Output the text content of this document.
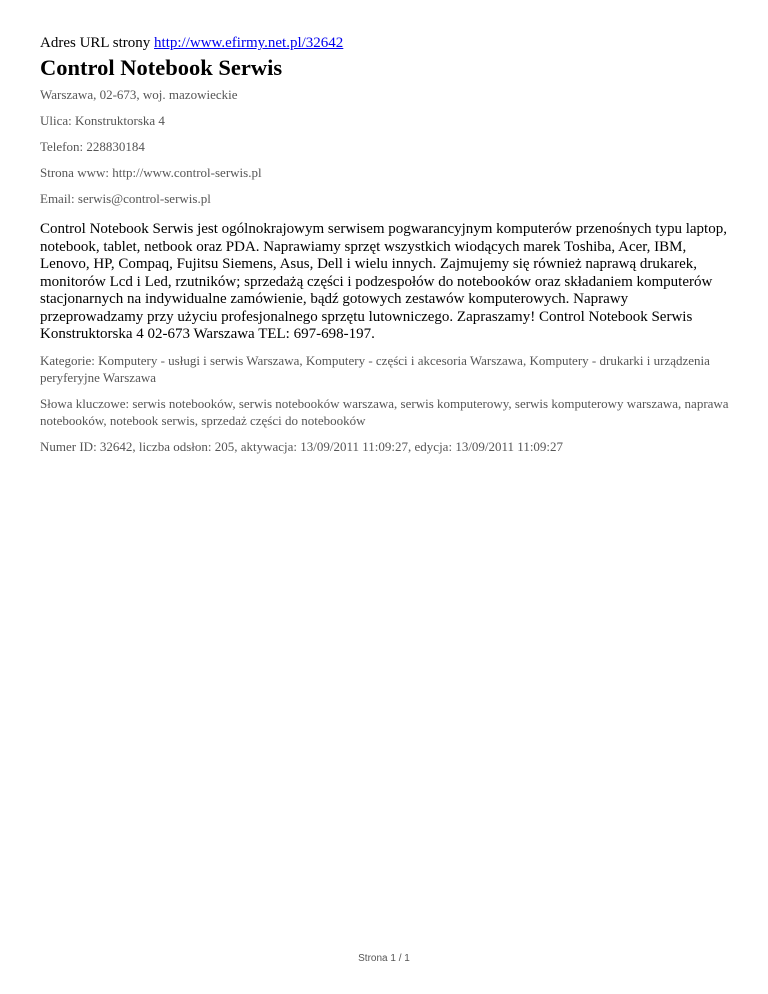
Adres URL strony http://www.efirmy.net.pl/32642

Control Notebook Serwis

Warszawa, 02-673, woj. mazowieckie

Ulica: Konstruktorska 4

Telefon: 228830184

Strona www: http://www.control-serwis.pl

Email: serwis@control-serwis.pl

Control Notebook Serwis jest ogólnokrajowym serwisem pogwarancyjnym komputerów przenośnych typu laptop, notebook, tablet, netbook oraz PDA. Naprawiamy sprzęt wszystkich wiodących marek Toshiba, Acer, IBM, Lenovo, HP, Compaq, Fujitsu Siemens, Asus, Dell i wielu innych. Zajmujemy się również naprawą drukarek, monitorów Lcd i Led, rzutników; sprzedażą części i podzespołów do notebooków oraz składaniem komputerów stacjonarnych na indywidualne zamówienie, bądź gotowych zestawów komputerowych. Naprawy przeprowadzamy przy użyciu profesjonalnego sprzętu lutowniczego. Zapraszamy! Control Notebook Serwis Konstruktorska 4 02-673 Warszawa TEL: 697-698-197.

Kategorie: Komputery - usługi i serwis Warszawa, Komputery - części i akcesoria Warszawa, Komputery - drukarki i urządzenia peryferyjne Warszawa

Słowa kluczowe: serwis notebooków, serwis notebooków warszawa, serwis komputerowy, serwis komputerowy warszawa, naprawa notebooków, notebook serwis, sprzedaż części do notebooków

Numer ID: 32642, liczba odsłon: 205, aktywacja: 13/09/2011 11:09:27, edycja: 13/09/2011 11:09:27

Strona 1 / 1
